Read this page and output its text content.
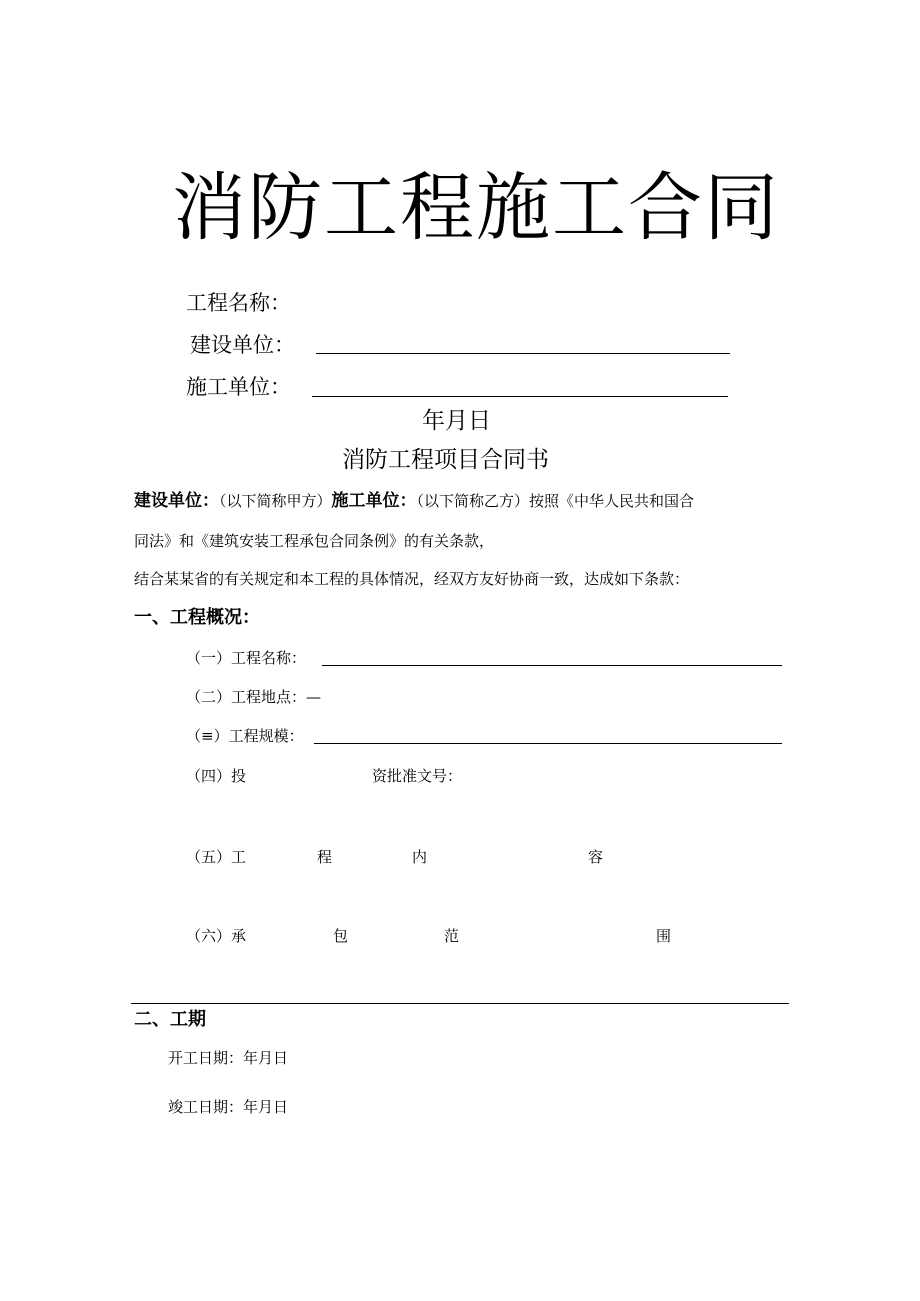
消防工程施工合同
工程名称：
建设单位：
施工单位：
年月日
消防工程项目合同书
建设单位：（以下简称甲方）施工单位：（以下简称乙方）按照《中华人民共和国合
同法》和《建筑安装工程承包合同条例》的有关条款，
结合某某省的有关规定和本工程的具体情况，经双方友好协商一致，达成如下条款：
一、工程概况：
（一）工程名称：
（二）工程地点：—
（≡）工程规模：
（四）投	资批准文号：
（五）工	程	内	容
（六）承	包	范	围
二、工期
开工日期：年月日
竣工日期：年月日
